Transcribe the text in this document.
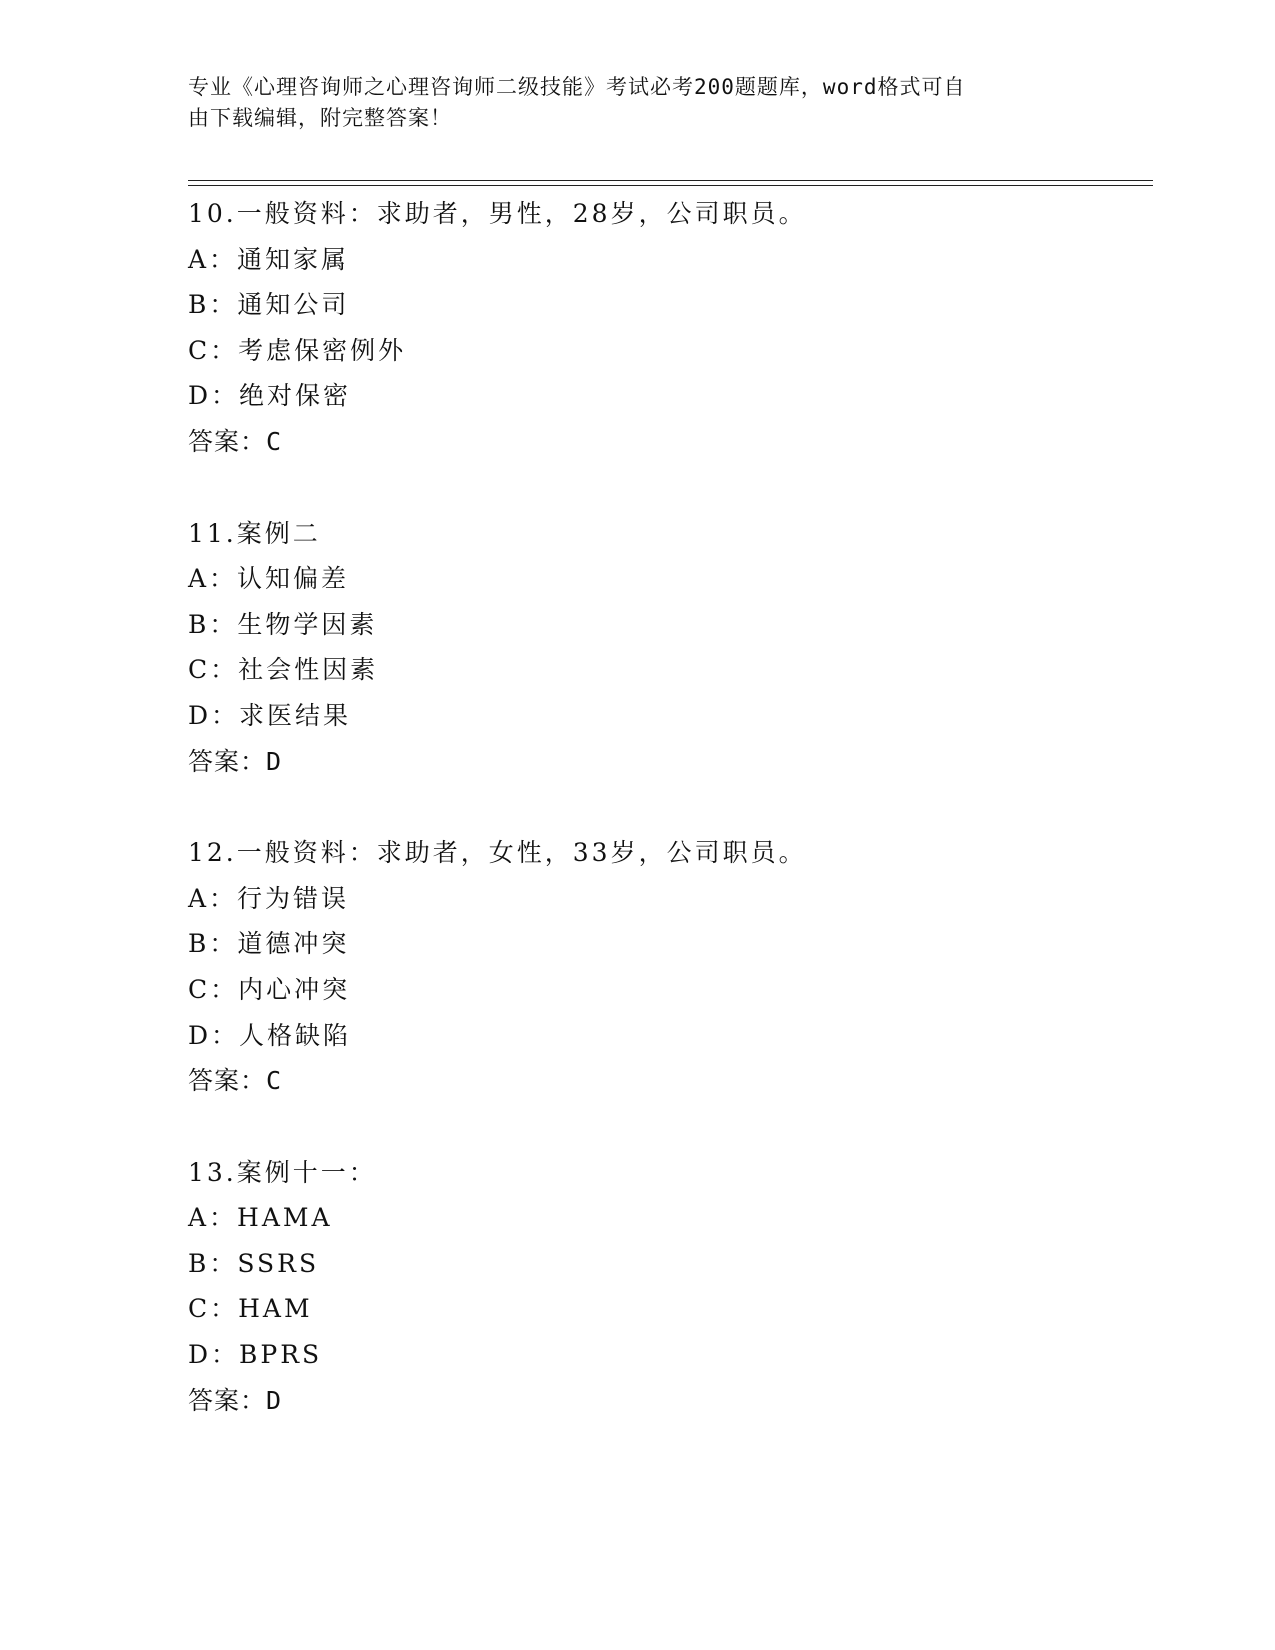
专业《心理咨询师之心理咨询师二级技能》考试必考200题题库，word格式可自
由下载编辑，附完整答案！
10.一般资料：求助者，男性，28岁，公司职员。
A：通知家属
B：通知公司
C：考虑保密例外
D：绝对保密
答案：C
11.案例二
A：认知偏差
B：生物学因素
C：社会性因素
D：求医结果
答案：D
12.一般资料：求助者，女性，33岁，公司职员。
A：行为错误
B：道德冲突
C：内心冲突
D：人格缺陷
答案：C
13.案例十一：
A：HAMA
B：SSRS
C：HAM
D：BPRS
答案：D
